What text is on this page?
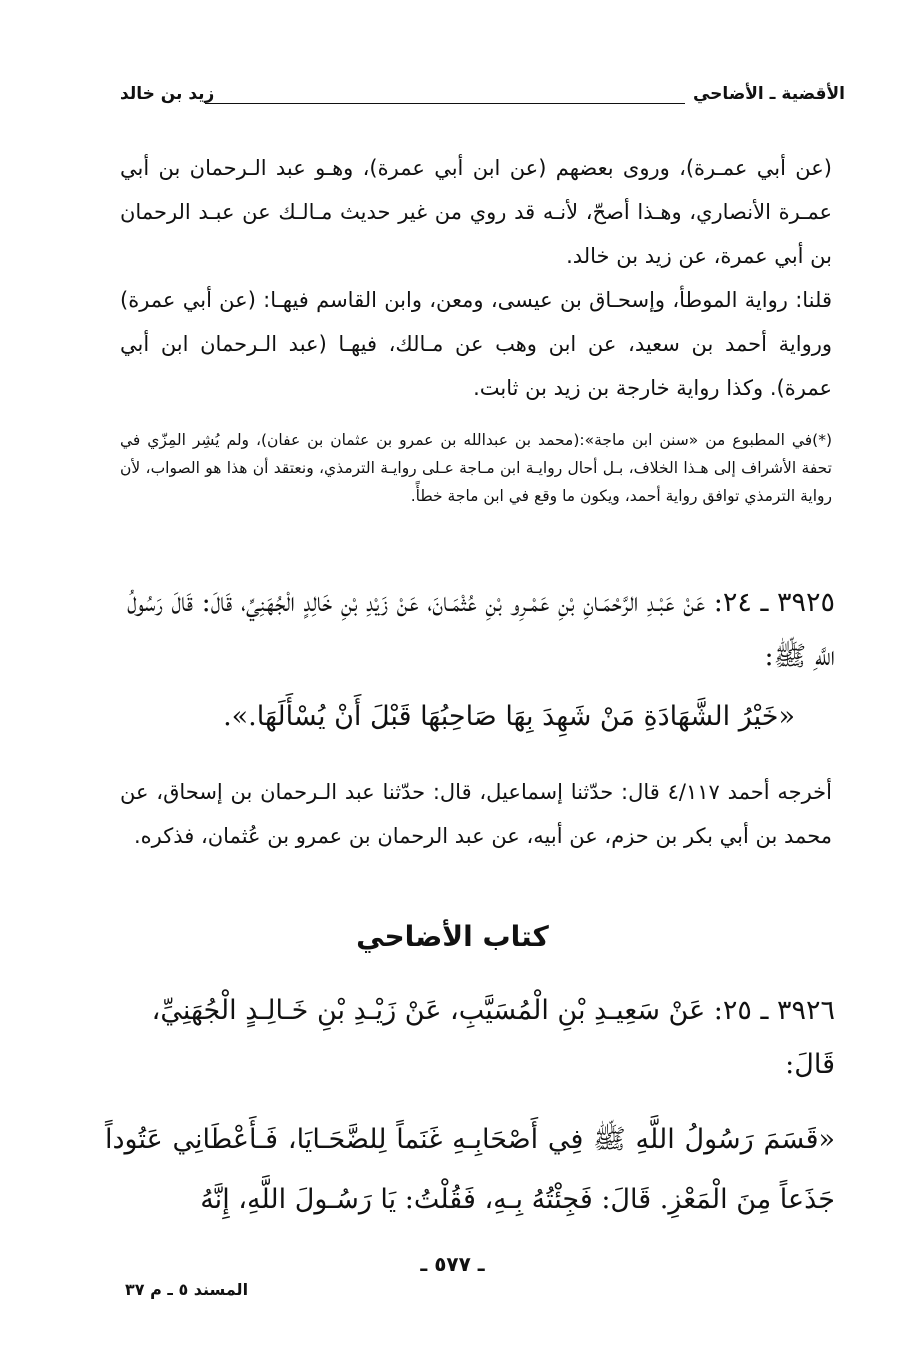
الأقضية ـ الأضاحي
زيد بن خالد
(عن أبي عمـرة)، وروى بعضهم (عن ابن أبي عمرة)، وهـو عبد الـرحمان بن أبي عمـرة الأنصاري، وهـذا أصحّ، لأنـه قد روي من غير حديث مـالـك عن عبـد الرحمان بن أبي عمرة، عن زيد بن خالد.
قلنا: رواية الموطأ، وإسحـاق بن عيسى، ومعن، وابن القاسم فيهـا: (عن أبي عمرة) ورواية أحمد بن سعيد، عن ابن وهب عن مـالك، فيهـا (عبد الـرحمان ابن أبي عمرة). وكذا رواية خارجة بن زيد بن ثابت.
(*)في المطبوع من «سنن ابن ماجة»:(محمد بن عبدالله بن عمرو بن عثمان بن عفان)، ولم يُشِر المِزّي في تحفة الأشراف إلى هـذا الخلاف، بـل أحال روايـة ابن مـاجة عـلى روايـة الترمذي، ونعتقد أن هذا هو الصواب، لأن رواية الترمذي توافق رواية أحمد، ويكون ما وقع في ابن ماجة خطأً.
٣٩٢٥ ـ ٢٤: عَنْ عَبْـدِ الرَّحْمَـانِ بْنِ عَمْـرِو بْنِ عُثْمَـانَ، عَنْ زَيْدِ بْنِ خَالِدٍ الْجُهَنِيِّ، قَالَ: قَالَ رَسُولُ اللَّهِ ﷺ:
«خَيْرُ الشَّهَادَةِ مَنْ شَهِدَ بِهَا صَاحِبُهَا قَبْلَ أَنْ يُسْأَلَهَا.».
أخرجه أحمد ٤/١١٧ قال: حدّثنا إسماعيل، قال: حدّثنا عبد الـرحمان بن إسحاق، عن محمد بن أبي بكر بن حزم، عن أبيه، عن عبد الرحمان بن عمرو بن عُثمان، فذكره.
كتاب الأضاحي
٣٩٢٦ ـ ٢٥: عَنْ سَعِيـدِ بْنِ الْمُسَيَّبِ، عَنْ زَيْـدِ بْنِ خَـالِـدٍ الْجُهَنِيِّ، قَالَ:
«قَسَمَ رَسُولُ اللَّهِ ﷺ فِي أَصْحَابِـهِ غَنَماً لِلضَّحَـايَا، فَـأَعْطَانِي عَتُوداً جَذَعاً مِنَ الْمَعْزِ. قَالَ: فَجِئْتُهُ بِـهِ، فَقُلْتُ: يَا رَسُـولَ اللَّهِ، إِنَّهُ
ـ ٥٧٧ ـ
المسند ٥ ـ م ٣٧
